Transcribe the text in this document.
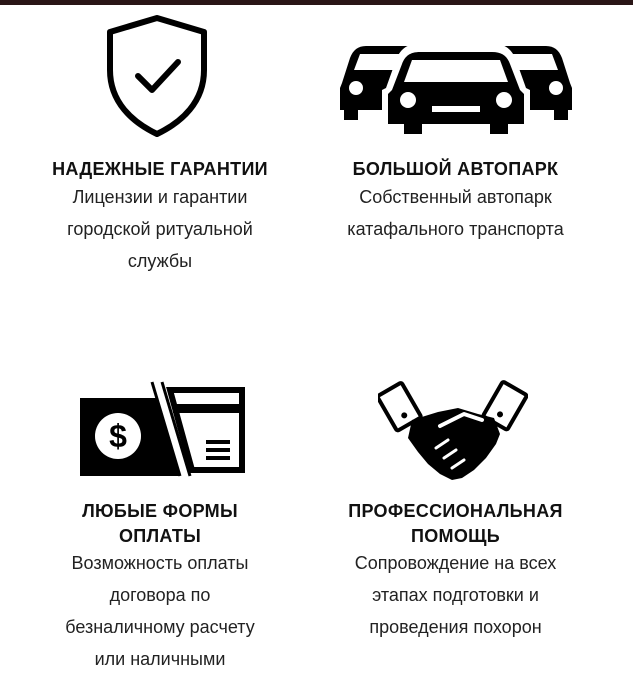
НАДЕЖНЫЕ ГАРАНТИИ
Лицензии и гарантии
городской ритуальной
службы
БОЛЬШОЙ АВТОПАРК
Собственный автопарк
катафального транспорта
$
ЛЮБЫЕ ФОРМЫ
ОПЛАТЫ
Возможность оплаты
договора по
безналичному расчету
или наличными
ПРОФЕССИОНАЛЬНАЯ
ПОМОЩЬ
Сопровождение на всех
этапах подготовки и
проведения похорон
